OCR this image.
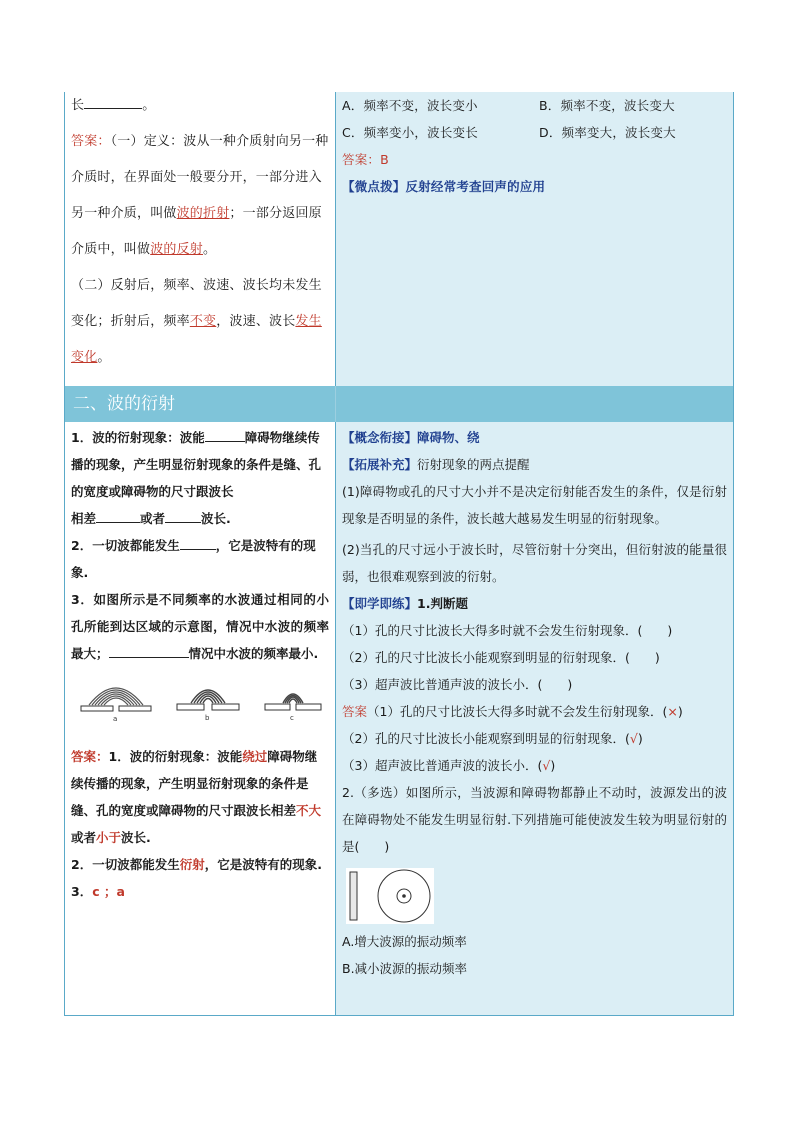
长	。
答案：（一）定义：波从一种介质射向另一种介质时，在界面处一般要分开，一部分进入另一种介质，叫做波的折射；一部分返回原介质中，叫做波的反射。
（二）反射后，频率、波速、波长均未发生变化；折射后，频率不变，波速、波长发生变化。
A．频率不变，波长变小	B．频率不变，波长变大
C．频率变小，波长变长	D．频率变大，波长变大
答案：B
【微点拨】反射经常考查回声的应用
二、波的衍射
1．波的衍射现象：波能	障碍物继续传播的现象，产生明显衍射现象的条件是缝、孔的宽度或障碍物的尺寸跟波长
相差	或者	波长.
2．一切波都能发生	，它是波特有的现象.
3．如图所示是不同频率的水波通过相同的小孔所能到达区域的示意图，情况中水波的频率最大；	情况中水波的频率最小.
a	b	c
答案：1．波的衍射现象：波能绕过障碍物继续传播的现象，产生明显衍射现象的条件是缝、孔的宽度或障碍物的尺寸跟波长相差不大或者小于波长.
2．一切波都能发生衍射，它是波特有的现象.
3．c ；a
【概念衔接】障碍物、绕
【拓展补充】衍射现象的两点提醒
(1)障碍物或孔的尺寸大小并不是决定衍射能否发生的条件，仅是衍射现象是否明显的条件，波长越大越易发生明显的衍射现象。
(2)当孔的尺寸远小于波长时，尽管衍射十分突出，但衍射波的能量很弱，也很难观察到波的衍射。
【即学即练】1.判断题
（1）孔的尺寸比波长大得多时就不会发生衍射现象．(　　)
（2）孔的尺寸比波长小能观察到明显的衍射现象．(　　)
（3）超声波比普通声波的波长小．(　　)
答案（1）孔的尺寸比波长大得多时就不会发生衍射现象．(×)
（2）孔的尺寸比波长小能观察到明显的衍射现象．(√)
（3）超声波比普通声波的波长小．(√)
2.（多选）如图所示，当波源和障碍物都静止不动时，波源发出的波在障碍物处不能发生明显衍射.下列措施可能使波发生较为明显衍射的是(　　)
A.增大波源的振动频率
B.减小波源的振动频率
